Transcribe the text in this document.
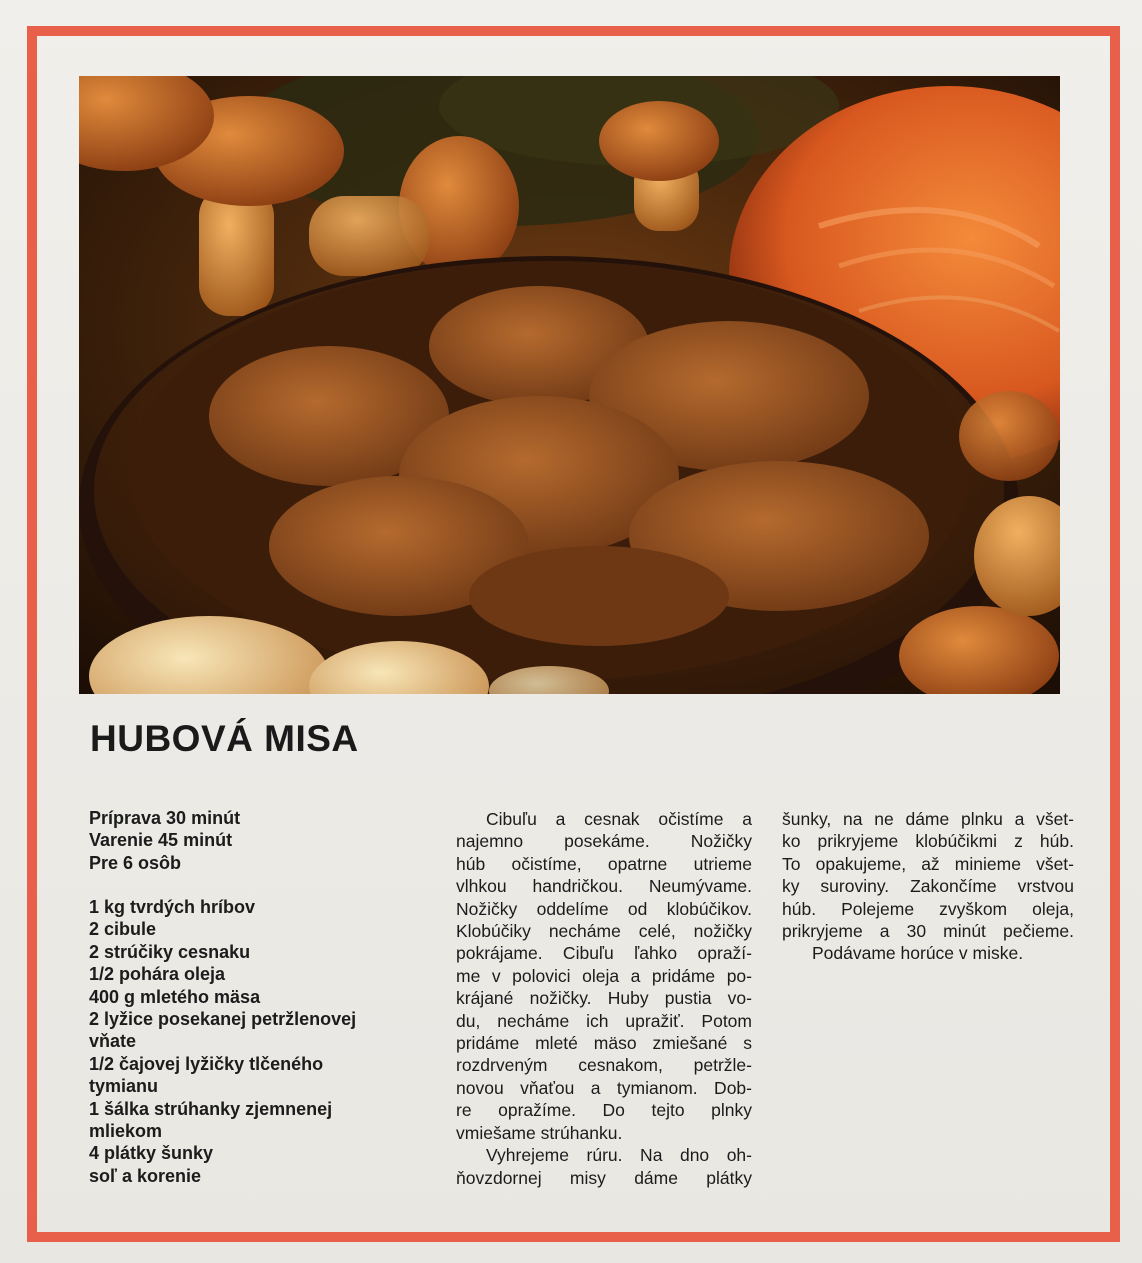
HUBOVÁ MISA
Príprava 30 minút
Varenie 45 minút
Pre 6 osôb
1 kg tvrdých hríbov
2 cibule
2 strúčiky cesnaku
1/2 pohára oleja
400 g mletého mäsa
2 lyžice posekanej petržlenovej
vňate
1/2 čajovej lyžičky tlčeného
tymianu
1 šálka strúhanky zjemnenej
mliekom
4 plátky šunky
soľ a korenie
Cibuľu a cesnak očistíme a
najemno posekáme. Nožičky
húb očistíme, opatrne utrieme
vlhkou handričkou. Neumývame.
Nožičky oddelíme od klobúčikov.
Klobúčiky necháme celé, nožičky
pokrájame. Cibuľu ľahko opraží-
me v polovici oleja a pridáme po-
krájané nožičky. Huby pustia vo-
du, necháme ich upražiť. Potom
pridáme mleté mäso zmiešané s
rozdrveným cesnakom, petržle-
novou vňaťou a tymianom. Dob-
re opražíme. Do tejto plnky
vmiešame strúhanku.
Vyhrejeme rúru. Na dno oh-
ňovzdornej misy dáme plátky
šunky, na ne dáme plnku a všet-
ko prikryjeme klobúčikmi z húb.
To opakujeme, až minieme všet-
ky suroviny. Zakončíme vrstvou
húb. Polejeme zvyškom oleja,
prikryjeme a 30 minút pečieme.
Podávame horúce v miske.
